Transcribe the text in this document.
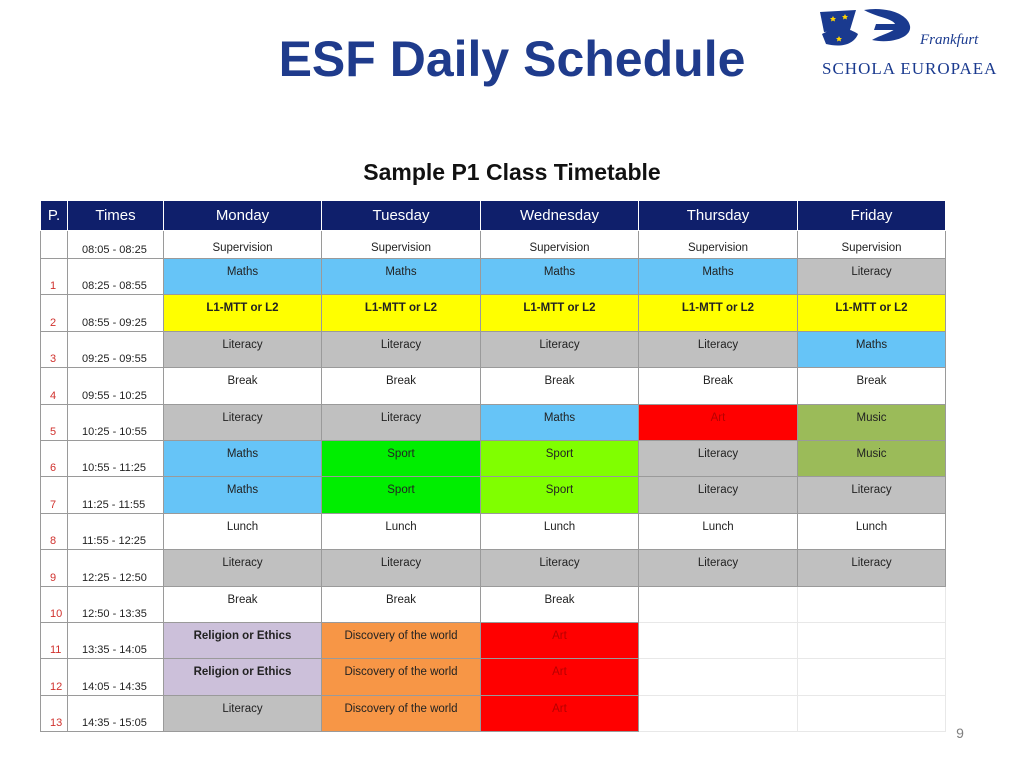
ESF Daily Schedule	Frankfurt
SCHOLA EUROPAEA
Sample P1 Class Timetable
P.	Times	Monday	Tuesday	Wednesday	Thursday	Friday
	08:05 - 08:25	Supervision	Supervision	Supervision	Supervision	Supervision
1	08:25 - 08:55	Maths	Maths	Maths	Maths	Literacy
2	08:55 - 09:25	L1-MTT or L2	L1-MTT or L2	L1-MTT or L2	L1-MTT or L2	L1-MTT or L2
3	09:25 - 09:55	Literacy	Literacy	Literacy	Literacy	Maths
4	09:55 - 10:25	Break	Break	Break	Break	Break
5	10:25 - 10:55	Literacy	Literacy	Maths	Art	Music
6	10:55 - 11:25	Maths	Sport	Sport	Literacy	Music
7	11:25 - 11:55	Maths	Sport	Sport	Literacy	Literacy
8	11:55 - 12:25	Lunch	Lunch	Lunch	Lunch	Lunch
9	12:25 - 12:50	Literacy	Literacy	Literacy	Literacy	Literacy
10	12:50 - 13:35	Break	Break	Break		
11	13:35 - 14:05	Religion or Ethics	Discovery of the world	Art		
12	14:05 - 14:35	Religion or Ethics	Discovery of the world	Art		
13	14:35 - 15:05	Literacy	Discovery of the world	Art		
9
